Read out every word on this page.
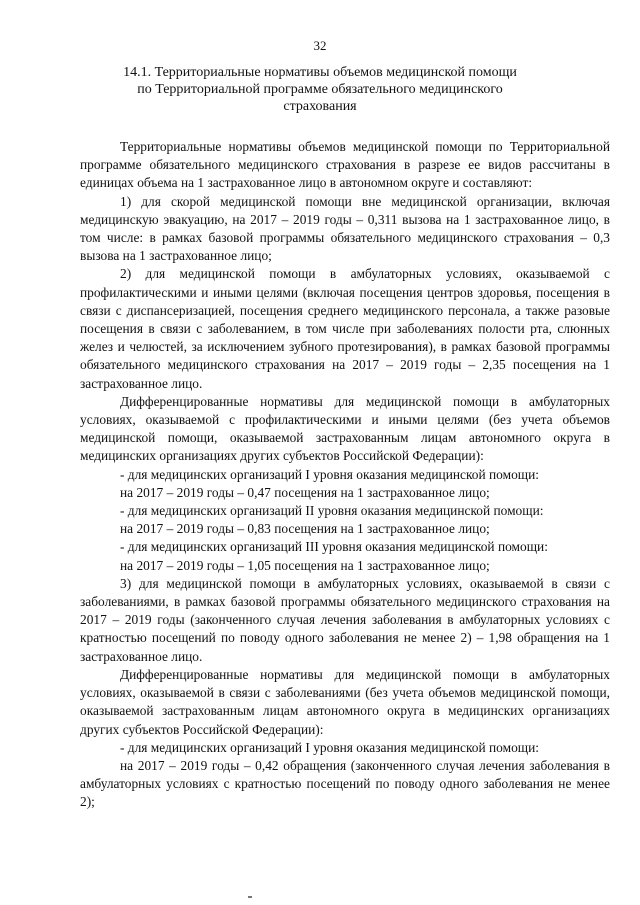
32
14.1. Территориальные нормативы объемов медицинской помощи
по Территориальной программе обязательного медицинского
страхования

Территориальные нормативы объемов медицинской помощи по Территориальной программе обязательного медицинского страхования в разрезе ее видов рассчитаны в единицах объема на 1 застрахованное лицо в автономном округе и составляют:

1) для скорой медицинской помощи вне медицинской организации, включая медицинскую эвакуацию, на 2017 – 2019 годы – 0,311 вызова на 1 застрахованное лицо, в том числе: в рамках базовой программы обязательного медицинского страхования – 0,3 вызова на 1 застрахованное лицо;

2) для медицинской помощи в амбулаторных условиях, оказываемой с профилактическими и иными целями (включая посещения центров здоровья, посещения в связи с диспансеризацией, посещения среднего медицинского персонала, а также разовые посещения в связи с заболеванием, в том числе при заболеваниях полости рта, слюнных желез и челюстей, за исключением зубного протезирования), в рамках базовой программы обязательного медицинского страхования на 2017 – 2019 годы – 2,35 посещения на 1 застрахованное лицо.

Дифференцированные нормативы для медицинской помощи в амбулаторных условиях, оказываемой с профилактическими и иными целями (без учета объемов медицинской помощи, оказываемой застрахованным лицам автономного округа в медицинских организациях других субъектов Российской Федерации):

- для медицинских организаций I уровня оказания медицинской помощи:

на 2017 – 2019 годы – 0,47 посещения на 1 застрахованное лицо;

- для медицинских организаций II уровня оказания медицинской помощи:

на 2017 – 2019 годы – 0,83 посещения на 1 застрахованное лицо;

- для медицинских организаций III уровня оказания медицинской помощи:

на 2017 – 2019 годы – 1,05 посещения на 1 застрахованное лицо;

3) для медицинской помощи в амбулаторных условиях, оказываемой в связи с заболеваниями, в рамках базовой программы обязательного медицинского страхования на 2017 – 2019 годы (законченного случая лечения заболевания в амбулаторных условиях с кратностью посещений по поводу одного заболевания не менее 2) – 1,98 обращения на 1 застрахованное лицо.

Дифференцированные нормативы для медицинской помощи в амбулаторных условиях, оказываемой в связи с заболеваниями (без учета объемов медицинской помощи, оказываемой застрахованным лицам автономного округа в медицинских организациях других субъектов Российской Федерации):

- для медицинских организаций I уровня оказания медицинской помощи:

на 2017 – 2019 годы – 0,42 обращения (законченного случая лечения заболевания в амбулаторных условиях с кратностью посещений по поводу одного заболевания не менее 2);
